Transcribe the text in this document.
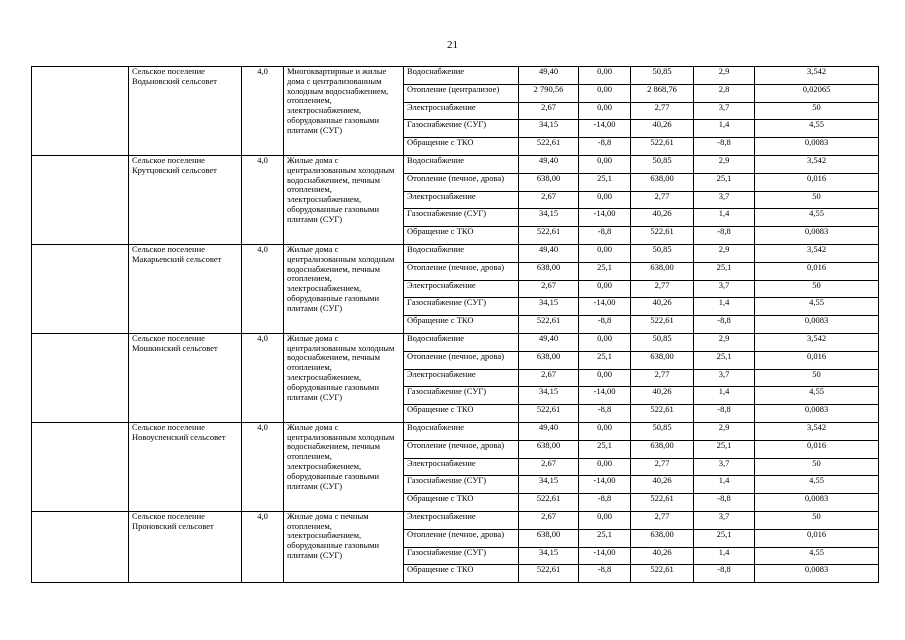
21

	Сельское поселение Водьновский сельсовет	4,0	Многоквартирные и жилые дома с централизованным холодным водоснабжением, отоплением, электроснабжением, оборудованные газовыми плитами (СУГ)	Водоснабжение	49,40	0,00	50,85	2,9	3,542
				Отопление (централизое)	2 790,56	0,00	2 868,76	2,8	0,02065
				Электроснабжение	2,67	0,00	2,77	3,7	50
				Газоснабжение (СУГ)	34,15	-14,00	40,26	1,4	4,55
				Обращение с ТКО	522,61	-8,8	522,61	-8,8	0,0083

	Сельское поселение Крутцовский сельсовет	4,0	Жилые дома с централизованным холодным водоснабжением, печным отоплением, электроснабжением, оборудованные газовыми плитами (СУГ)	Водоснабжение	49,40	0,00	50,85	2,9	3,542
				Отопление (печное, дрова)	638,00	25,1	638,00	25,1	0,016
				Электроснабжение	2,67	0,00	2,77	3,7	50
				Газоснабжение (СУГ)	34,15	-14,00	40,26	1,4	4,55
				Обращение с ТКО	522,61	-8,8	522,61	-8,8	0,0083

	Сельское поселение Макарьевский сельсовет	4,0	Жилые дома с централизованным холодным водоснабжением, печным отоплением, электроснабжением, оборудованные газовыми плитами (СУГ)	Водоснабжение	49,40	0,00	50,85	2,9	3,542
				Отопление (печное, дрова)	638,00	25,1	638,00	25,1	0,016
				Электроснабжение	2,67	0,00	2,77	3,7	50
				Газоснабжение (СУГ)	34,15	-14,00	40,26	1,4	4,55
				Обращение с ТКО	522,61	-8,8	522,61	-8,8	0,0083

	Сельское поселение Мошкинский сельсовет	4,0	Жилые дома с централизованным холодным водоснабжением, печным отоплением, электроснабжением, оборудованные газовыми плитами (СУГ)	Водоснабжение	49,40	0,00	50,85	2,9	3,542
				Отопление (печное, дрова)	638,00	25,1	638,00	25,1	0,016
				Электроснабжение	2,67	0,00	2,77	3,7	50
				Газоснабжение (СУГ)	34,15	-14,00	40,26	1,4	4,55
				Обращение с ТКО	522,61	-8,8	522,61	-8,8	0,0083

	Сельское поселение Новоуспенский сельсовет	4,0	Жилые дома с централизованным холодным водоснабжением, печным отоплением, электроснабжением, оборудованные газовыми плитами (СУГ)	Водоснабжение	49,40	0,00	50,85	2,9	3,542
				Отопление (печное, дрова)	638,00	25,1	638,00	25,1	0,016
				Электроснабжение	2,67	0,00	2,77	3,7	50
				Газоснабжение (СУГ)	34,15	-14,00	40,26	1,4	4,55
				Обращение с ТКО	522,61	-8,8	522,61	-8,8	0,0083

	Сельское поселение Проновский сельсовет	4,0	Жилые дома с печным отоплением, электроснабжением, оборудованные газовыми плитами (СУГ)	Электроснабжение	2,67	0,00	2,77	3,7	50
				Отопление (печное, дрова)	638,00	25,1	638,00	25,1	0,016
				Газоснабжение (СУГ)	34,15	-14,00	40,26	1,4	4,55
				Обращение с ТКО	522,61	-8,8	522,61	-8,8	0,0083
